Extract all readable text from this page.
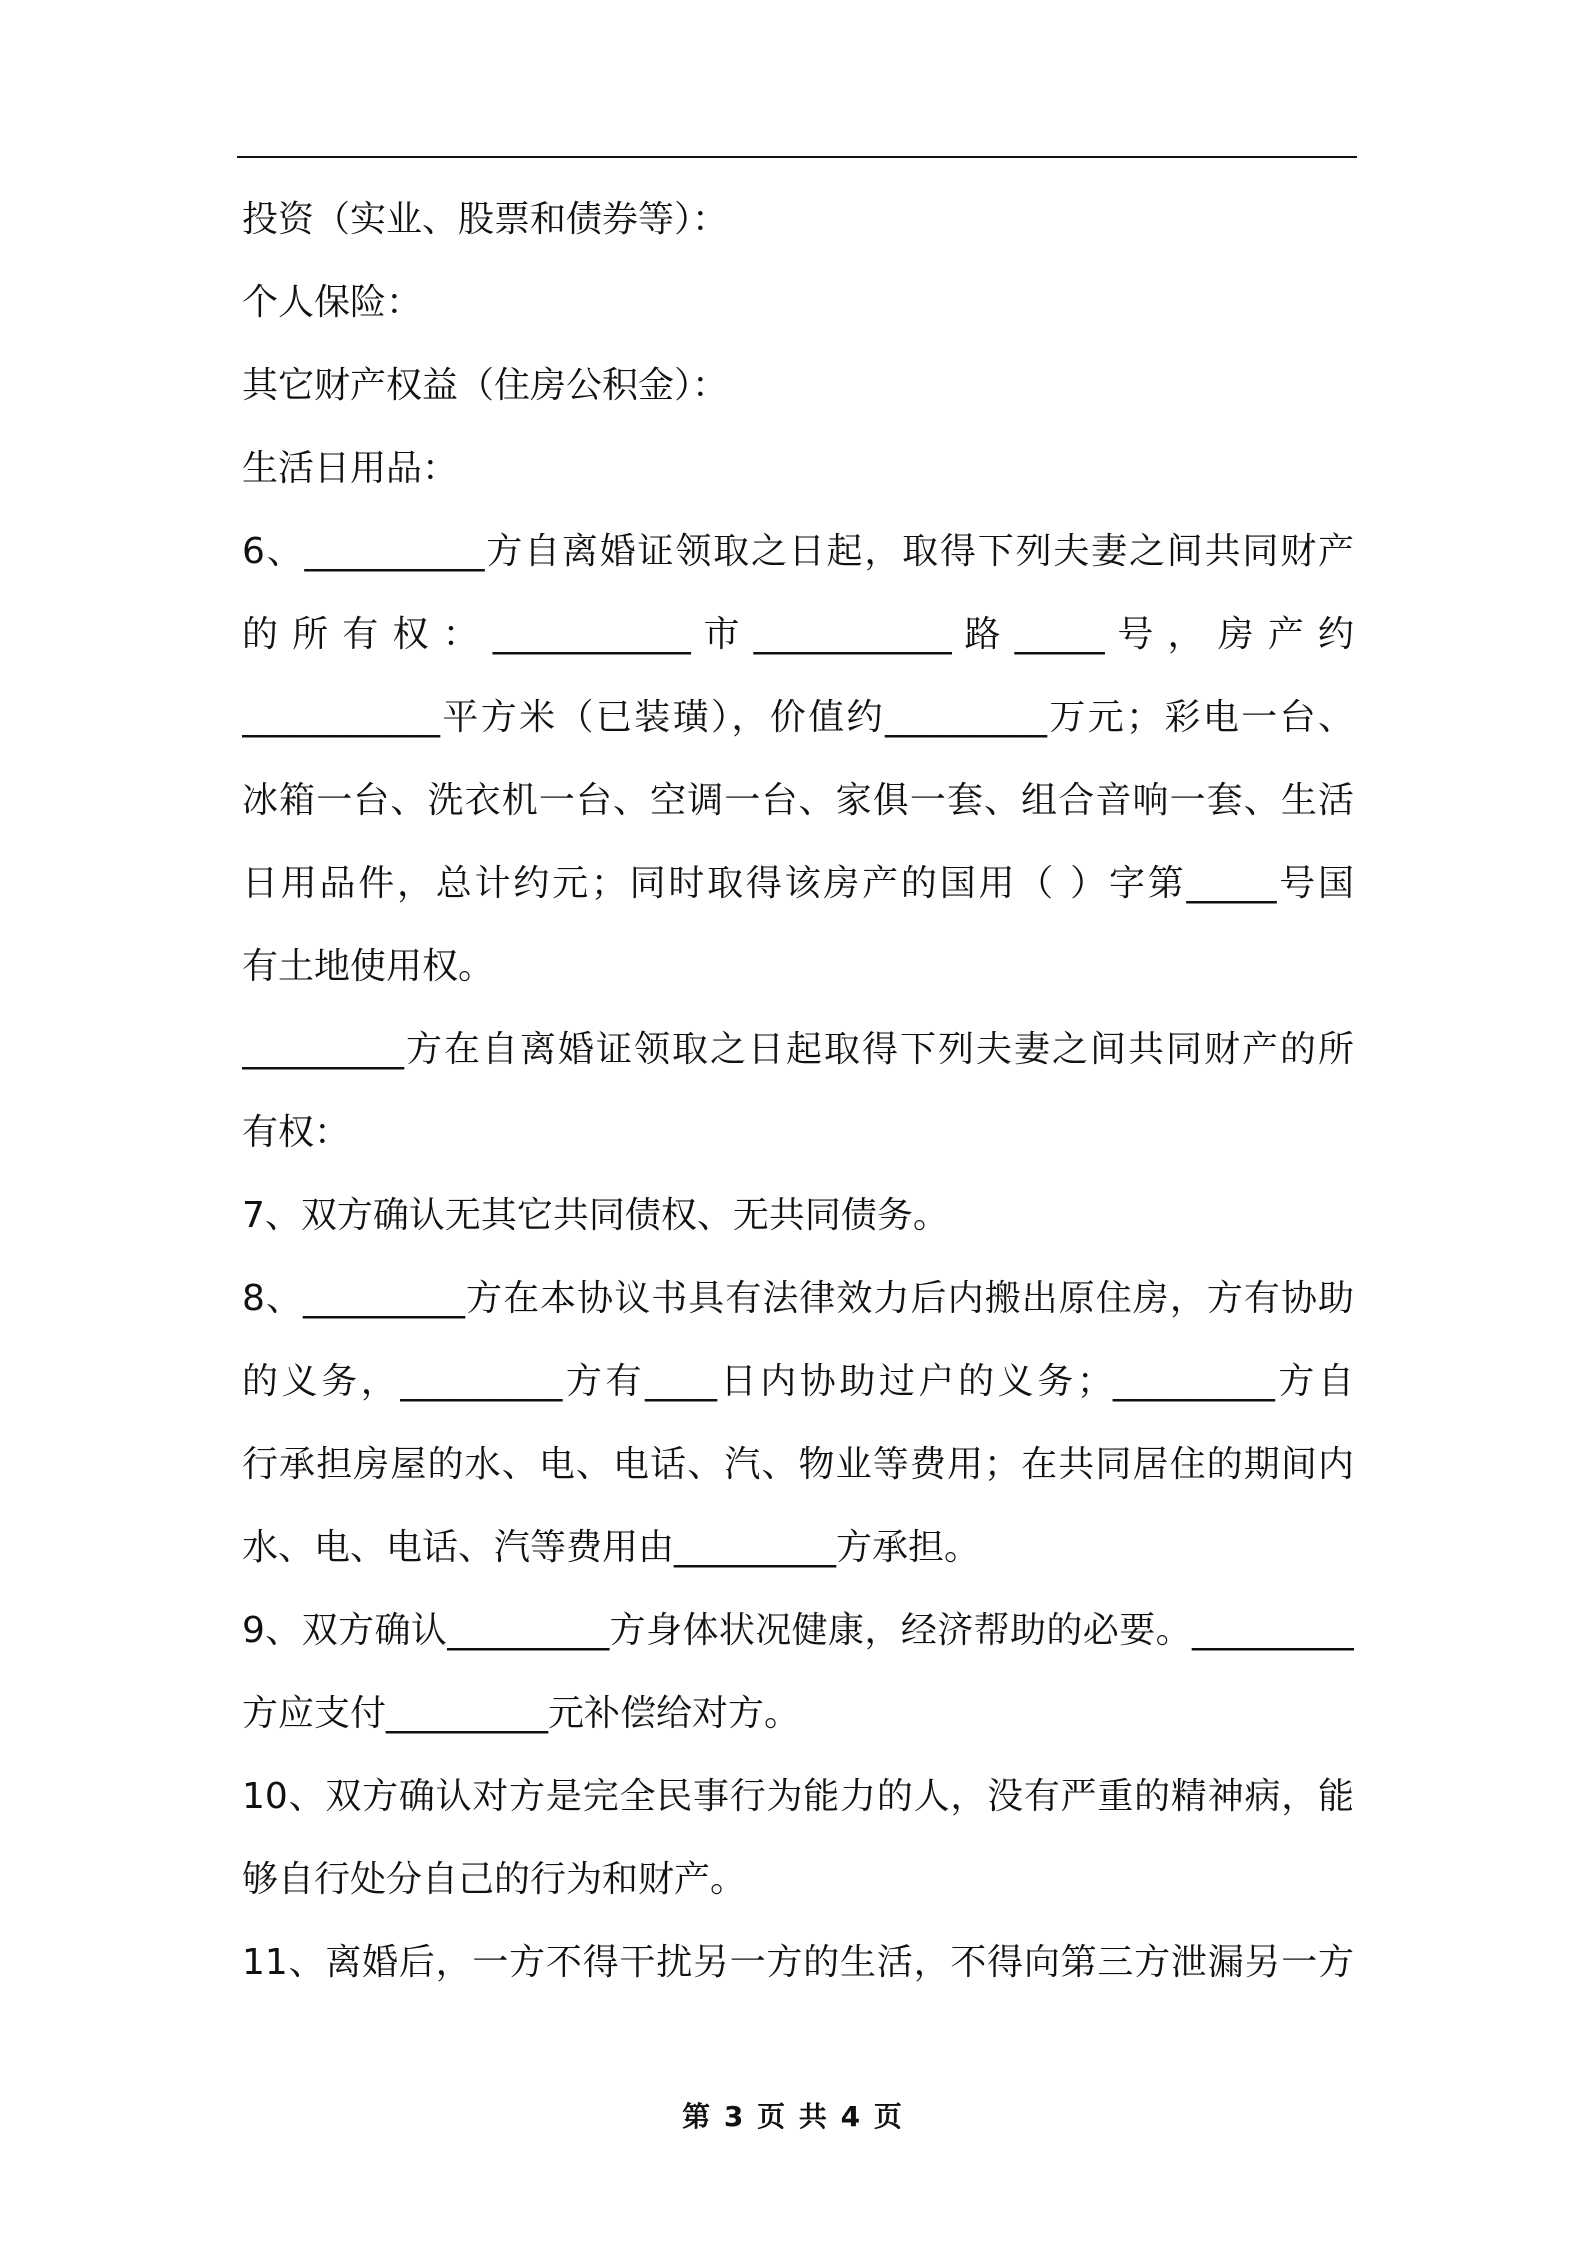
投资（实业、股票和债券等）：
个人保险：
其它财产权益（住房公积金）：
生活日用品：
6、__________方自离婚证领取之日起，取得下列夫妻之间共同财产
的 所 有 权 ： ___________ 市 ___________ 路 _____ 号 ， 房 产 约
___________平方米（已装璜），价值约_________万元；彩电一台、
冰箱一台、洗衣机一台、空调一台、家俱一套、组合音响一套、生活
日用品件，总计约元；同时取得该房产的国用（ ）字第_____号国
有土地使用权。
_________方在自离婚证领取之日起取得下列夫妻之间共同财产的所
有权：
7、双方确认无其它共同债权、无共同债务。
8、_________方在本协议书具有法律效力后内搬出原住房，方有协助
的义务，_________方有____日内协助过户的义务；_________方自
行承担房屋的水、电、电话、汽、物业等费用；在共同居住的期间内
水、电、电话、汽等费用由_________方承担。
9、双方确认_________方身体状况健康，经济帮助的必要。_________
方应支付_________元补偿给对方。
10、双方确认对方是完全民事行为能力的人，没有严重的精神病，能
够自行处分自己的行为和财产。
11、离婚后，一方不得干扰另一方的生活，不得向第三方泄漏另一方
第 3 页 共 4 页
